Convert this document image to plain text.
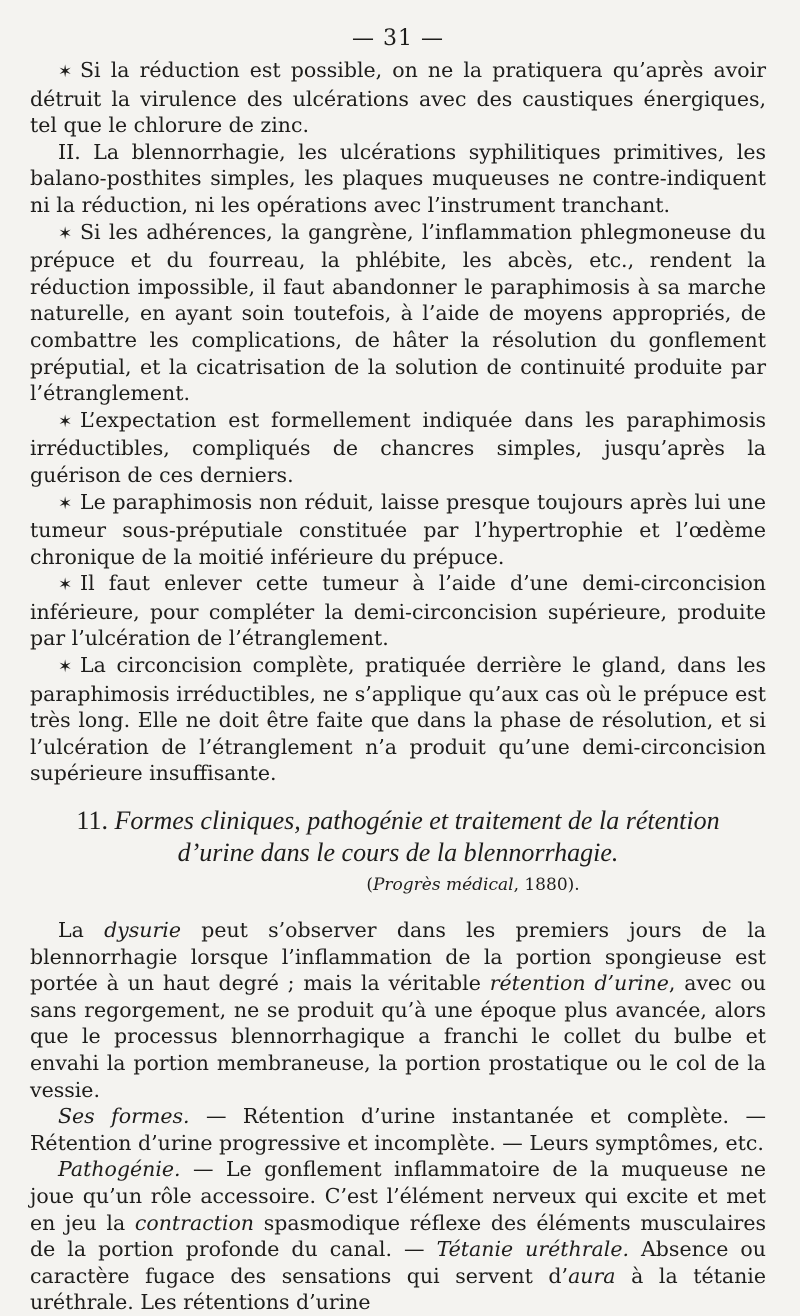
— 31 —

✶ Si la réduction est possible, on ne la pratiquera qu’après avoir détruit la virulence des ulcérations avec des caustiques énergiques, tel que le chlorure de zinc.

II. La blennorrhagie, les ulcérations syphilitiques primitives, les balano-posthites simples, les plaques muqueuses ne contre-indiquent ni la réduction, ni les opérations avec l’instrument tranchant.

✶ Si les adhérences, la gangrène, l’inflammation phlegmoneuse du prépuce et du fourreau, la phlébite, les abcès, etc., rendent la réduction impossible, il faut abandonner le paraphimosis à sa marche naturelle, en ayant soin toutefois, à l’aide de moyens appropriés, de combattre les complications, de hâter la résolution du gonflement préputial, et la cicatrisation de la solution de continuité produite par l’étranglement.

✶ L’expectation est formellement indiquée dans les paraphimosis irréductibles, compliqués de chancres simples, jusqu’après la guérison de ces derniers.

✶ Le paraphimosis non réduit, laisse presque toujours après lui une tumeur sous-préputiale constituée par l’hypertrophie et l’œdème chronique de la moitié inférieure du prépuce.

✶ Il faut enlever cette tumeur à l’aide d’une demi-circoncision inférieure, pour compléter la demi-circoncision supérieure, produite par l’ulcération de l’étranglement.

✶ La circoncision complète, pratiquée derrière le gland, dans les paraphimosis irréductibles, ne s’applique qu’aux cas où le prépuce est très long. Elle ne doit être faite que dans la phase de résolution, et si l’ulcération de l’étranglement n’a produit qu’une demi-circoncision supérieure insuffisante.

11. Formes cliniques, pathogénie et traitement de la rétention
d’urine dans le cours de la blennorrhagie.
(Progrès médical, 1880).

La dysurie peut s’observer dans les premiers jours de la blennorrhagie lorsque l’inflammation de la portion spongieuse est portée à un haut degré ; mais la véritable rétention d’urine, avec ou sans regorgement, ne se produit qu’à une époque plus avancée, alors que le processus blennorrhagique a franchi le collet du bulbe et envahi la portion membraneuse, la portion prostatique ou le col de la vessie.

Ses formes. — Rétention d’urine instantanée et complète. — Rétention d’urine progressive et incomplète. — Leurs symptômes, etc.

Pathogénie. — Le gonflement inflammatoire de la muqueuse ne joue qu’un rôle accessoire. C’est l’élément nerveux qui excite et met en jeu la contraction spasmodique réflexe des éléments musculaires de la portion profonde du canal. — Tétanie uréthrale. Absence ou caractère fugace des sensations qui servent d’aura à la tétanie uréthrale. Les rétentions d’urine
